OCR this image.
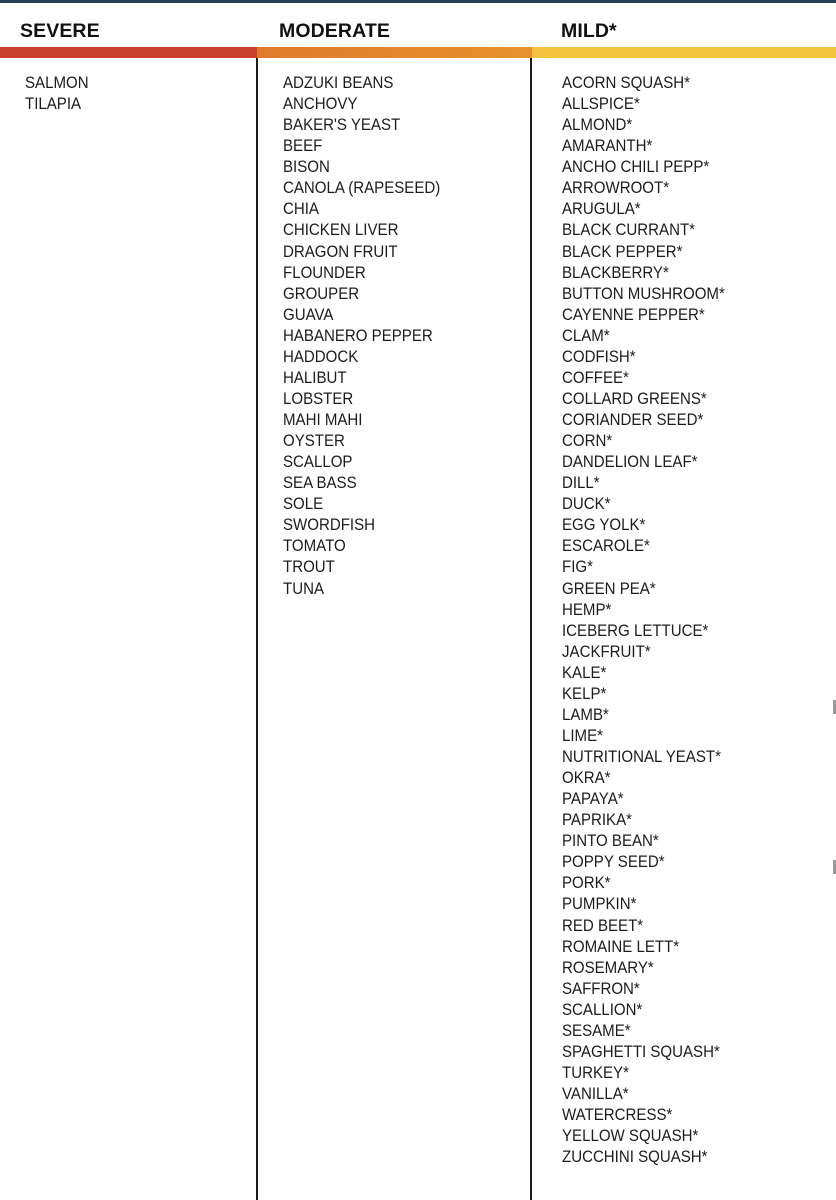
SEVERE	MODERATE	MILD*
SALMON
TILAPIA
ADZUKI BEANS
ANCHOVY
BAKER'S YEAST
BEEF
BISON
CANOLA (RAPESEED)
CHIA
CHICKEN LIVER
DRAGON FRUIT
FLOUNDER
GROUPER
GUAVA
HABANERO PEPPER
HADDOCK
HALIBUT
LOBSTER
MAHI MAHI
OYSTER
SCALLOP
SEA BASS
SOLE
SWORDFISH
TOMATO
TROUT
TUNA
ACORN SQUASH*
ALLSPICE*
ALMOND*
AMARANTH*
ANCHO CHILI PEPP*
ARROWROOT*
ARUGULA*
BLACK CURRANT*
BLACK PEPPER*
BLACKBERRY*
BUTTON MUSHROOM*
CAYENNE PEPPER*
CLAM*
CODFISH*
COFFEE*
COLLARD GREENS*
CORIANDER SEED*
CORN*
DANDELION LEAF*
DILL*
DUCK*
EGG YOLK*
ESCAROLE*
FIG*
GREEN PEA*
HEMP*
ICEBERG LETTUCE*
JACKFRUIT*
KALE*
KELP*
LAMB*
LIME*
NUTRITIONAL YEAST*
OKRA*
PAPAYA*
PAPRIKA*
PINTO BEAN*
POPPY SEED*
PORK*
PUMPKIN*
RED BEET*
ROMAINE LETT*
ROSEMARY*
SAFFRON*
SCALLION*
SESAME*
SPAGHETTI SQUASH*
TURKEY*
VANILLA*
WATERCRESS*
YELLOW SQUASH*
ZUCCHINI SQUASH*
